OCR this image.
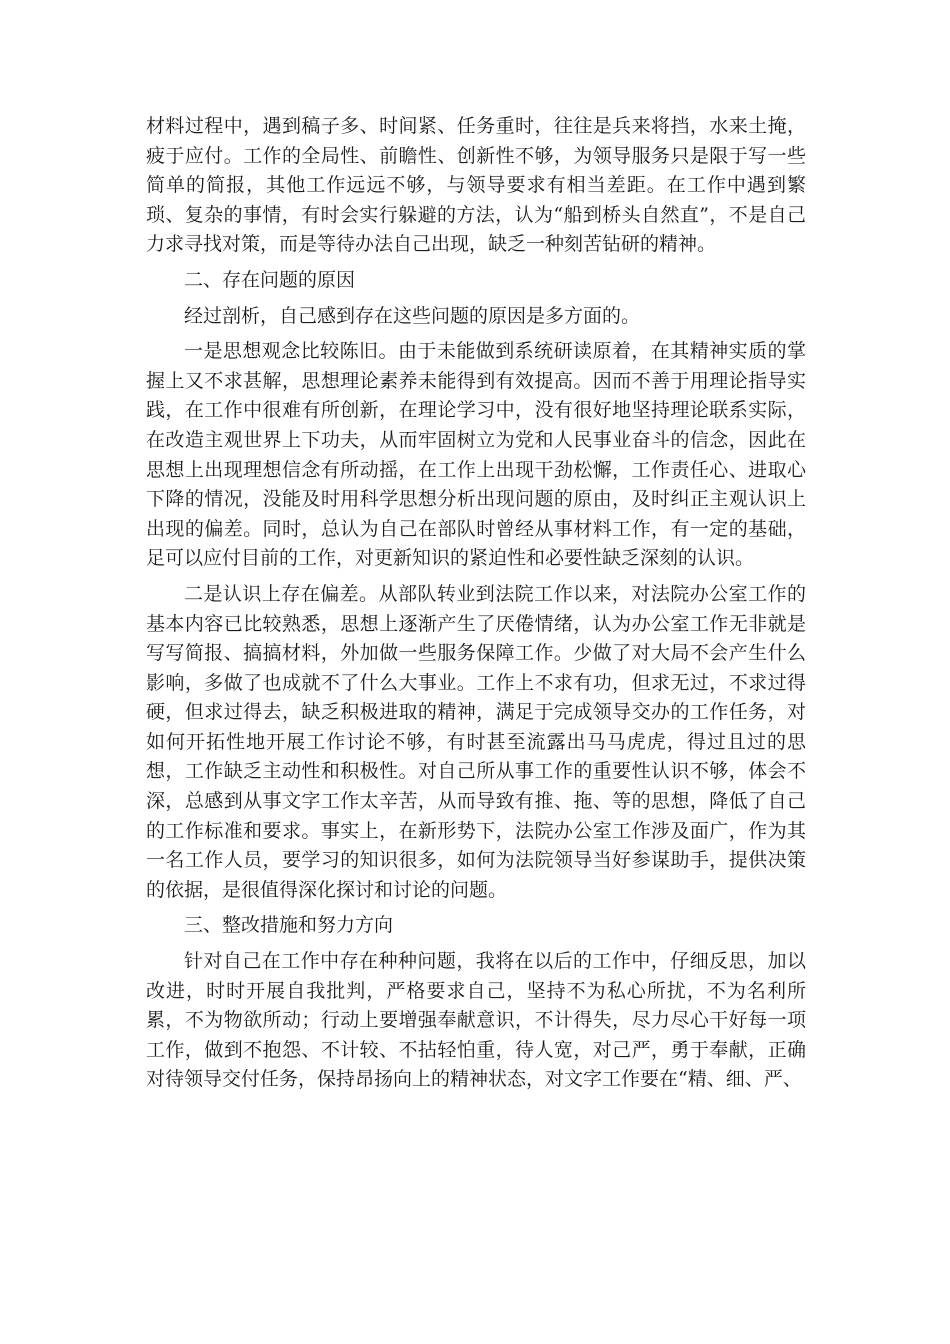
材料过程中，遇到稿子多、时间紧、任务重时，往往是兵来将挡，水来土掩，疲于应付。工作的全局性、前瞻性、创新性不够，为领导服务只是限于写一些简单的简报，其他工作远远不够，与领导要求有相当差距。在工作中遇到繁琐、复杂的事情，有时会实行躲避的方法，认为“船到桥头自然直”，不是自己力求寻找对策，而是等待办法自己出现，缺乏一种刻苦钻研的精神。

二、存在问题的原因

经过剖析，自己感到存在这些问题的原因是多方面的。

一是思想观念比较陈旧。由于未能做到系统研读原着，在其精神实质的掌握上又不求甚解，思想理论素养未能得到有效提高。因而不善于用理论指导实践，在工作中很难有所创新，在理论学习中，没有很好地坚持理论联系实际，在改造主观世界上下功夫，从而牢固树立为党和人民事业奋斗的信念，因此在思想上出现理想信念有所动摇，在工作上出现干劲松懈，工作责任心、进取心下降的情况，没能及时用科学思想分析出现问题的原由，及时纠正主观认识上出现的偏差。同时，总认为自己在部队时曾经从事材料工作，有一定的基础，足可以应付目前的工作，对更新知识的紧迫性和必要性缺乏深刻的认识。

二是认识上存在偏差。从部队转业到法院工作以来，对法院办公室工作的基本内容已比较熟悉，思想上逐渐产生了厌倦情绪，认为办公室工作无非就是写写简报、搞搞材料，外加做一些服务保障工作。少做了对大局不会产生什么影响，多做了也成就不了什么大事业。工作上不求有功，但求无过，不求过得硬，但求过得去，缺乏积极进取的精神，满足于完成领导交办的工作任务，对如何开拓性地开展工作讨论不够，有时甚至流露出马马虎虎，得过且过的思想，工作缺乏主动性和积极性。对自己所从事工作的重要性认识不够，体会不深，总感到从事文字工作太辛苦，从而导致有推、拖、等的思想，降低了自己的工作标准和要求。事实上，在新形势下，法院办公室工作涉及面广，作为其一名工作人员，要学习的知识很多，如何为法院领导当好参谋助手，提供决策的依据，是很值得深化探讨和讨论的问题。

三、整改措施和努力方向

针对自己在工作中存在种种问题，我将在以后的工作中，仔细反思，加以改进，时时开展自我批判，严格要求自己，坚持不为私心所扰，不为名利所累，不为物欲所动；行动上要增强奉献意识，不计得失，尽力尽心干好每一项工作，做到不抱怨、不计较、不拈轻怕重，待人宽，对己严，勇于奉献，正确对待领导交付任务，保持昂扬向上的精神状态，对文字工作要在“精、细、严、
